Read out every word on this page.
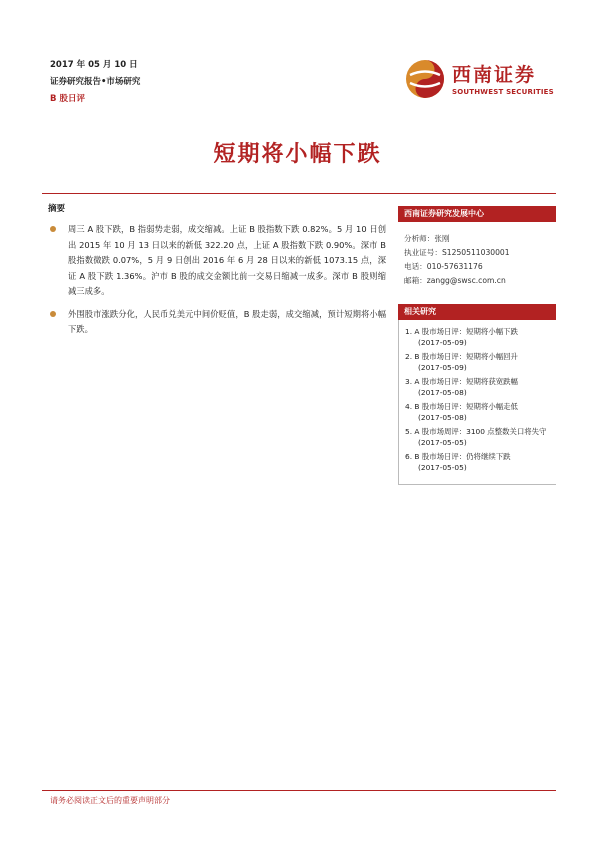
2017 年 05 月 10 日
证券研究报告•市场研究
B 股日评
西南证券
SOUTHWEST SECURITIES
短期将小幅下跌
摘要
周三 A 股下跌，B 指弱势走弱，成交缩减。上证 B 股指数下跌 0.82%。5 月 10 日创出 2015 年 10 月 13 日以来的新低 322.20 点，上证 A 股指数下跌 0.90%。深市 B 股指数微跌 0.07%，5 月 9 日创出 2016 年 6 月 28 日以来的新低 1073.15 点，深证 A 股下跌 1.36%。沪市 B 股的成交金额比前一交易日缩减一成多。深市 B 股则缩减三成多。
外围股市涨跌分化，人民币兑美元中间价贬值，B 股走弱，成交缩减，预计短期将小幅下跌。
西南证券研究发展中心
分析师：张刚
执业证号：S1250511030001
电话：010-57631176
邮箱：zangg@swsc.com.cn
相关研究
1. A 股市场日评：短期将小幅下跌
(2017-05-09)
2. B 股市场日评：短期将小幅回升
(2017-05-09)
3. A 股市场日评：短期将获宽跌幅
(2017-05-08)
4. B 股市场日评：短期将小幅走低
(2017-05-08)
5. A 股市场周评：3100 点整数关口将失守
(2017-05-05)
6. B 股市场日评：仍将继续下跌
(2017-05-05)
请务必阅读正文后的重要声明部分
